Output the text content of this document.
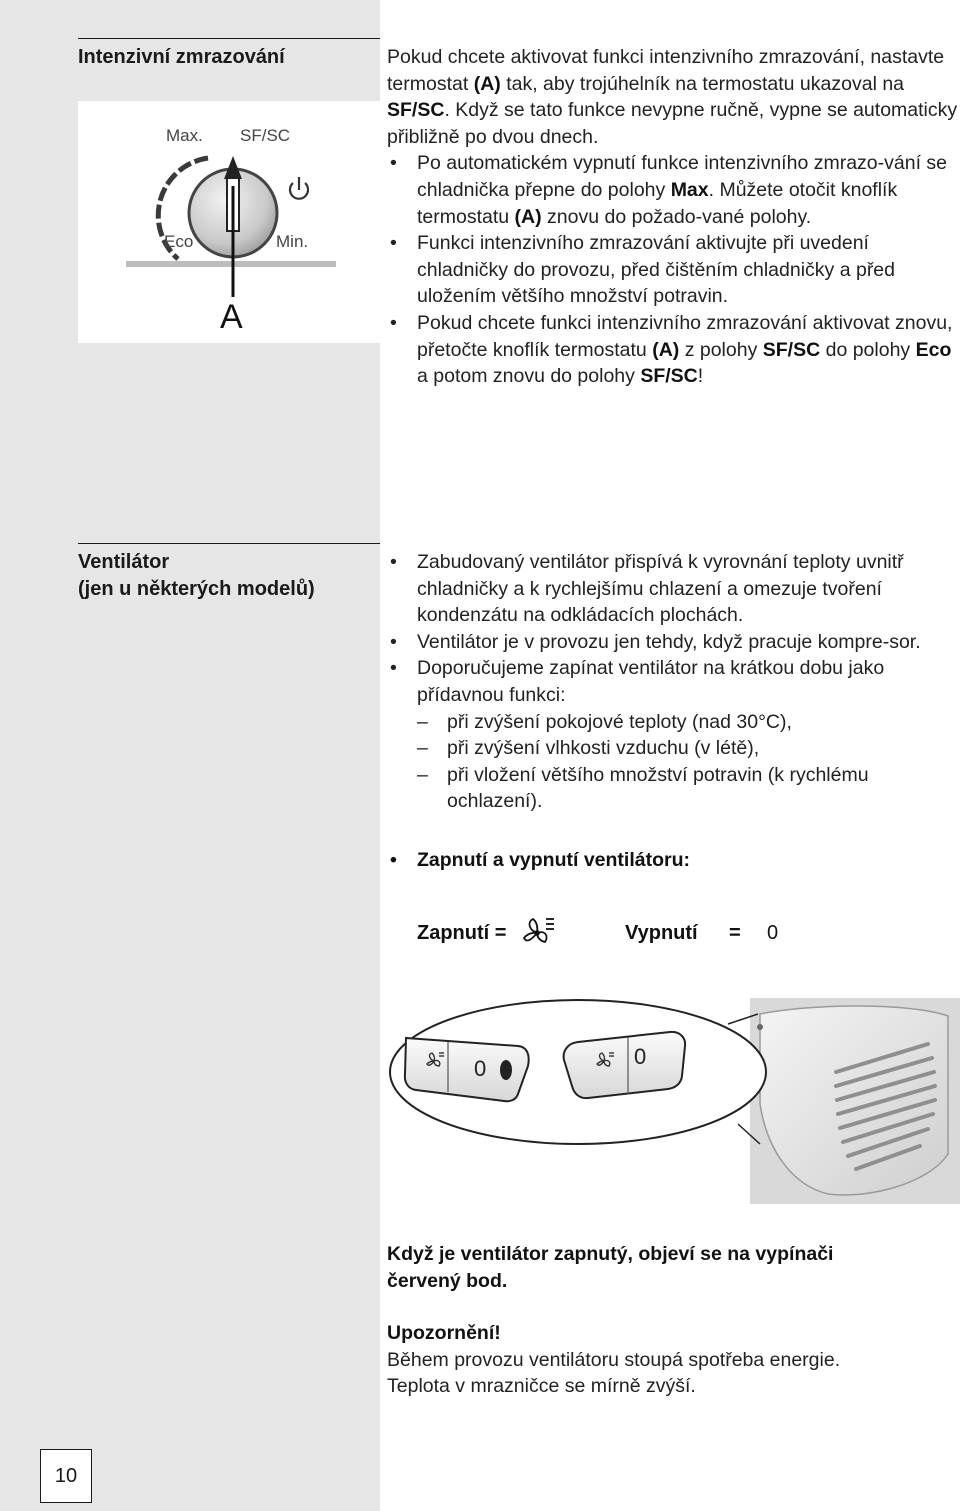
Intenzivní zmrazování
Max. SF/SC
Eco	Min.
A

Pokud chcete aktivovat funkci intenzivního zmrazování, nastavte termostat (A) tak, aby trojúhelník na termostatu ukazoval na SF/SC. Když se tato funkce nevypne ručně, vypne se automaticky přibližně po dvou dnech.

• Po automatickém vypnutí funkce intenzivního zmrazo-vání se chladnička přepne do polohy Max. Můžete otočit knoflík termostatu (A) znovu do požado-vané polohy.

• Funkci intenzivního zmrazování aktivujte při uvedení chladničky do provozu, před čištěním chladničky a před uložením většího množství potravin.

• Pokud chcete funkci intenzivního zmrazování aktivovat znovu, přetočte knoflík termostatu (A) z polohy SF/SC do polohy Eco a potom znovu do polohy SF/SC!

Ventilátor
(jen u některých modelů)

• Zabudovaný ventilátor přispívá k vyrovnání teploty uvnitř chladničky a k rychlejšímu chlazení a omezuje tvoření kondenzátu na odkládacích plochách.

• Ventilátor je v provozu jen tehdy, když pracuje kompre-sor.

• Doporučujeme zapínat ventilátor na krátkou dobu jako přídavnou funkci:

– při zvýšení pokojové teploty (nad 30°C),

– při zvýšení vlhkosti vzduchu (v létě),

– při vložení většího množství potravin (k rychlému ochlazení).

• Zapnutí a vypnutí ventilátoru:

Zapnutí =	Vypnutí = 0
0	0

Když je ventilátor zapnutý, objeví se na vypínači červený bod.

Upozornění!

Během provozu ventilátoru stoupá spotřeba energie.

Teplota v mrazničce se mírně zvýší.

10
